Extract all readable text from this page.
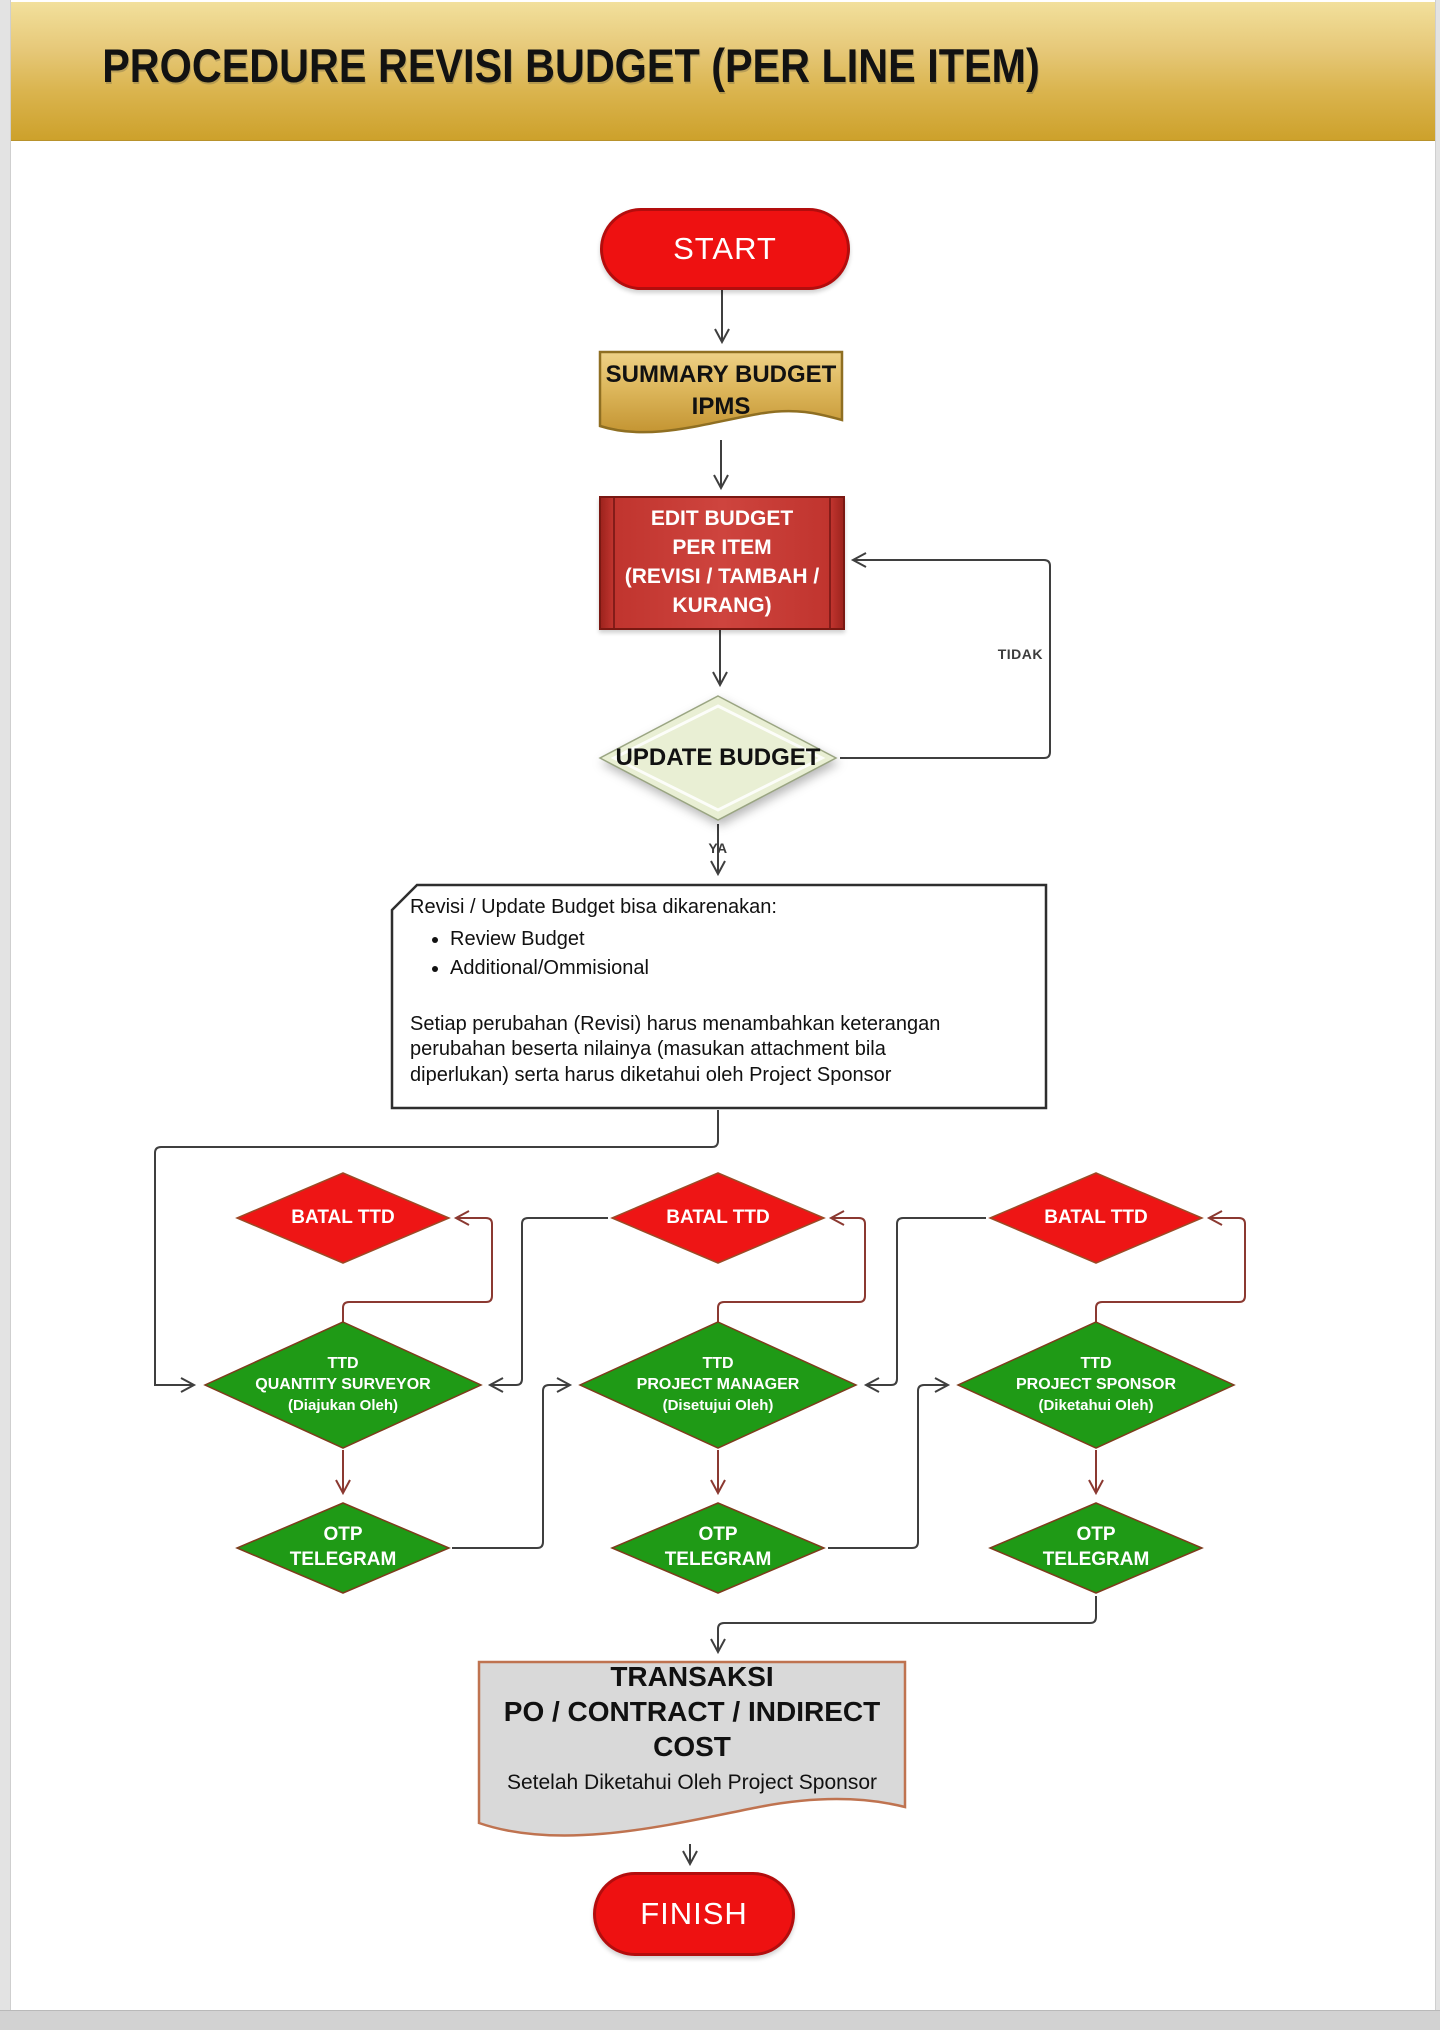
PROCEDURE REVISI BUDGET (PER LINE ITEM)
TIDAK
YA
START
SUMMARY BUDGET
IPMS
EDIT BUDGET
PER ITEM
(REVISI / TAMBAH /
KURANG)
UPDATE BUDGET
Revisi / Update Budget bisa dikarenakan:
• Review Budget
• Additional/Ommisional
Setiap perubahan (Revisi) harus menambahkan keterangan
perubahan beserta nilainya (masukan attachment bila
diperlukan) serta harus diketahui oleh Project Sponsor
BATAL TTD	BATAL TTD	BATAL TTD
TTD
QUANTITY SURVEYOR
(Diajukan Oleh)
TTD
PROJECT MANAGER
(Disetujui Oleh)
TTD
PROJECT SPONSOR
(Diketahui Oleh)
OTP
TELEGRAM
OTP
TELEGRAM
OTP
TELEGRAM
TRANSAKSI
PO / CONTRACT / INDIRECT COST
Setelah Diketahui Oleh Project Sponsor
FINISH
